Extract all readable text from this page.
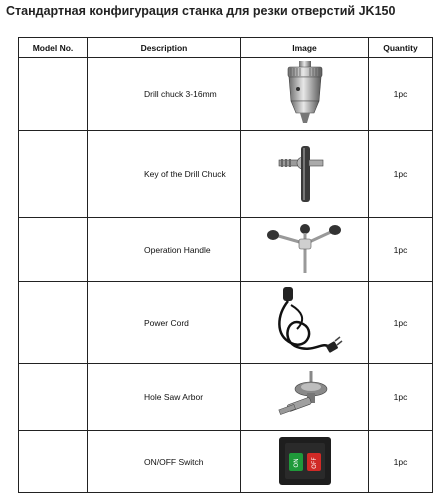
Стандартная конфигурация станка для резки отверстий JK150
Model No.	Description	Image	Quantity
	Drill chuck 3-16mm		1pc
	Key of the Drill Chuck		1pc
	Operation Handle		1pc
	Power Cord		1pc
	Hole Saw Arbor		1pc
	ON/OFF Switch	ON OFF	1pc
